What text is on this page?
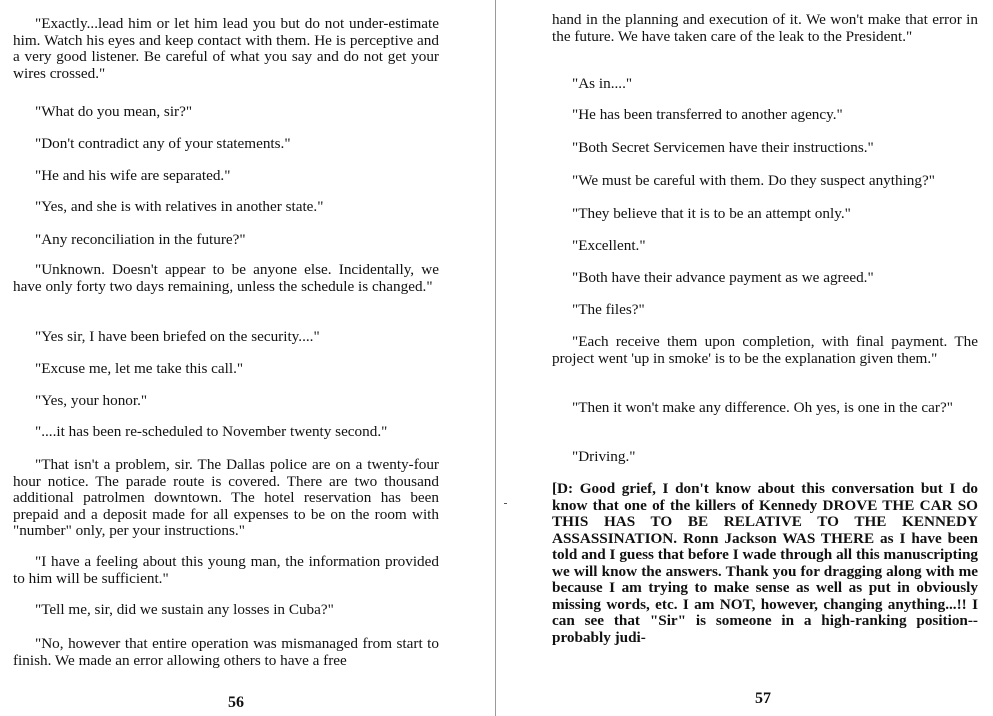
"Exactly...lead him or let him lead you but do not under-estimate him. Watch his eyes and keep contact with them. He is perceptive and a very good listener. Be careful of what you say and do not get your wires crossed."

"What do you mean, sir?"

"Don't contradict any of your statements."

"He and his wife are separated."

"Yes, and she is with relatives in another state."

"Any reconciliation in the future?"

"Unknown. Doesn't appear to be anyone else. Incidentally, we have only forty two days remaining, unless the schedule is changed."

"Yes sir, I have been briefed on the security...."

"Excuse me, let me take this call."

"Yes, your honor."

"....it has been re-scheduled to November twenty second."

"That isn't a problem, sir. The Dallas police are on a twenty-four hour notice. The parade route is covered. There are two thousand additional patrolmen downtown. The hotel reservation has been prepaid and a deposit made for all expenses to be on the room with "number" only, per your instructions."

"I have a feeling about this young man, the information provided to him will be sufficient."

"Tell me, sir, did we sustain any losses in Cuba?"

"No, however that entire operation was mismanaged from start to finish. We made an error allowing others to have a free

56

hand in the planning and execution of it. We won't make that error in the future. We have taken care of the leak to the President."

"As in...."

"He has been transferred to another agency."

"Both Secret Servicemen have their instructions."

"We must be careful with them. Do they suspect anything?"

"They believe that it is to be an attempt only."

"Excellent."

"Both have their advance payment as we agreed."

"The files?"

"Each receive them upon completion, with final payment. The project went 'up in smoke' is to be the explanation given them."

"Then it won't make any difference. Oh yes, is one in the car?"

"Driving."

[D: Good grief, I don't know about this conversation but I do know that one of the killers of Kennedy DROVE THE CAR SO THIS HAS TO BE RELATIVE TO THE KENNEDY ASSASSINATION. Ronn Jackson WAS THERE as I have been told and I guess that before I wade through all this manuscripting we will know the answers. Thank you for dragging along with me because I am trying to make sense as well as put in obviously missing words, etc. I am NOT, however, changing anything...!! I can see that "Sir" is someone in a high-ranking position--probably judi-

57
